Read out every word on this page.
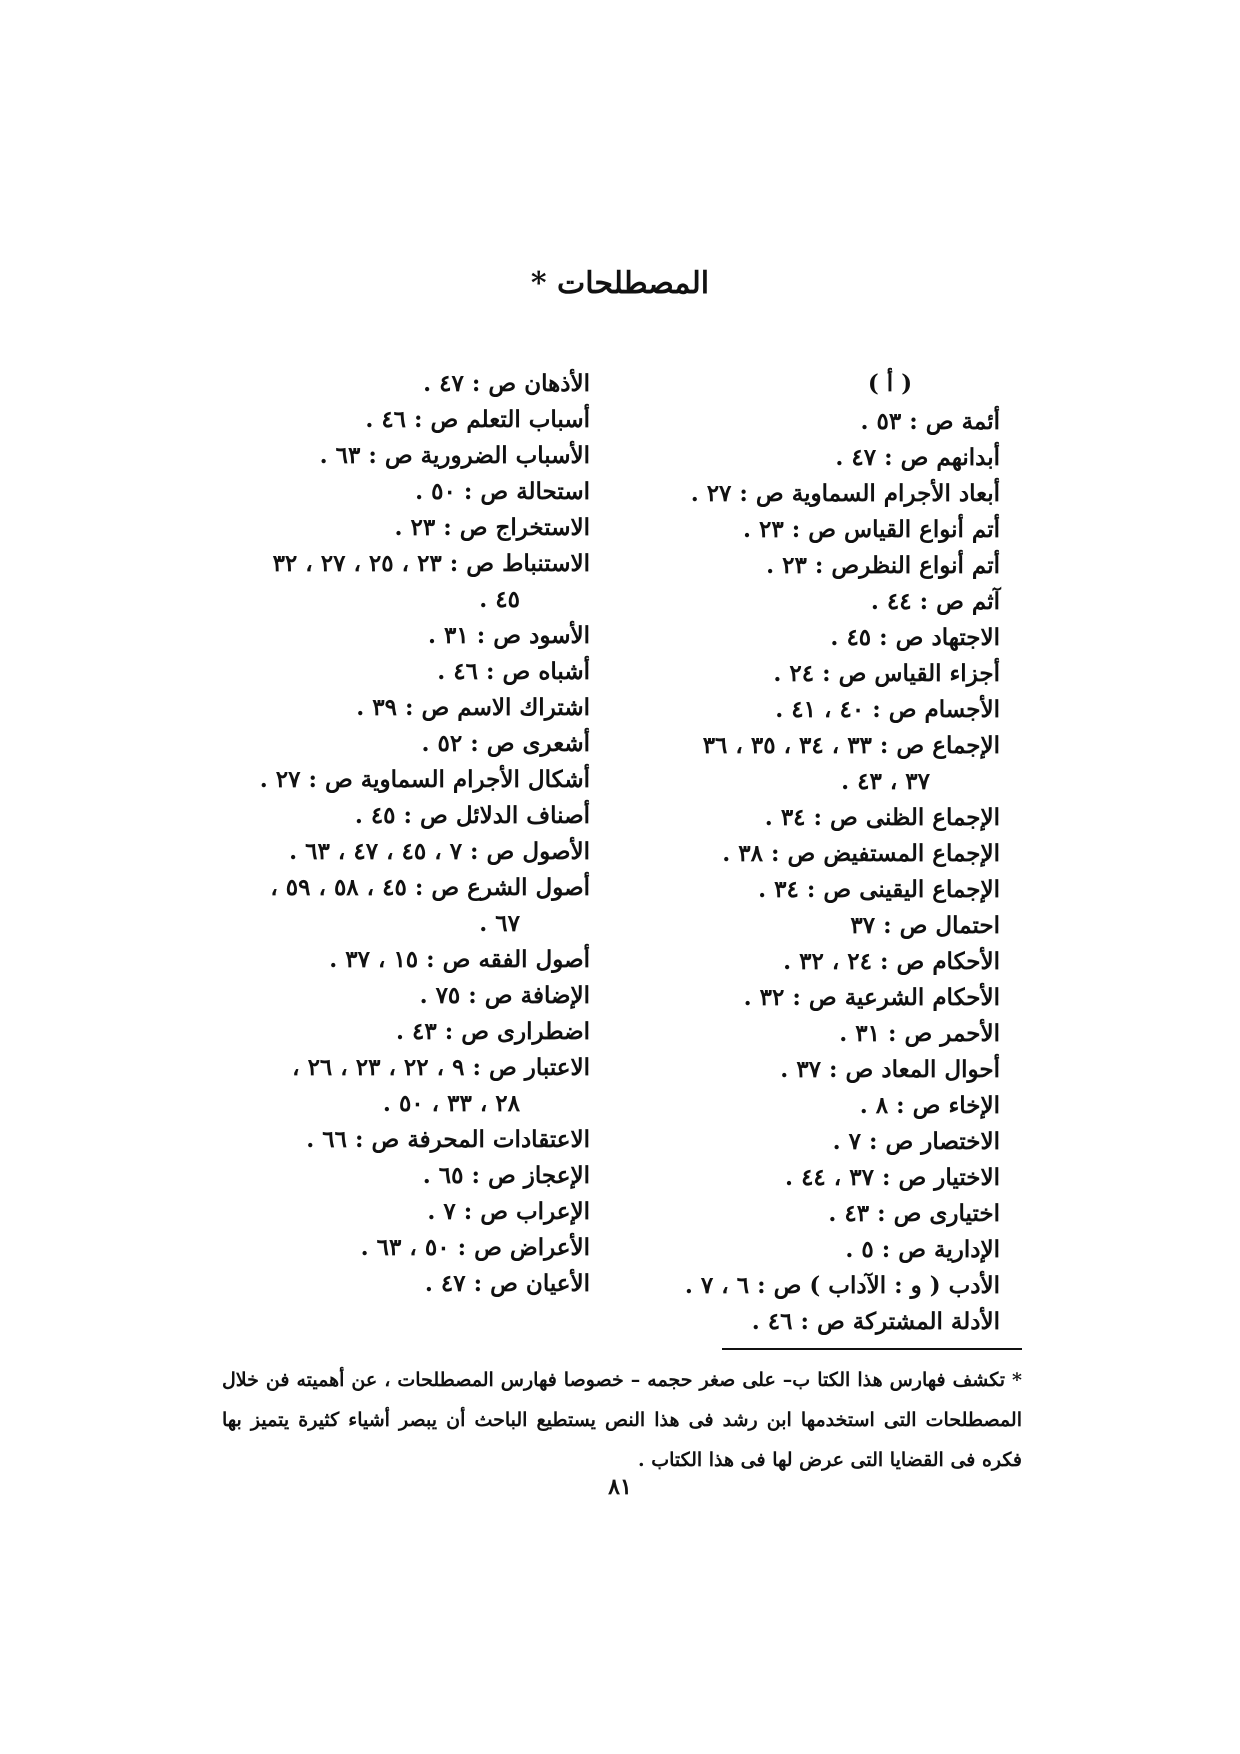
المصطلحات *
( أ )
أئمة ص : ٥٣ .
أبدانهم ص : ٤٧ .
أبعاد الأجرام السماوية ص : ٢٧ .
أتم أنواع القياس ص : ٢٣ .
أتم أنواع النظرص : ٢٣ .
آثم ص : ٤٤ .
الاجتهاد ص : ٤٥ .
أجزاء القياس ص : ٢٤ .
الأجسام ص : ٤٠ ، ٤١ .
الإجماع ص : ٣٣ ، ٣٤ ، ٣٥ ، ٣٦
٣٧ ، ٤٣ .
الإجماع الظنى ص : ٣٤ .
الإجماع المستفيض ص : ٣٨ .
الإجماع اليقينى ص : ٣٤ .
احتمال ص : ٣٧
الأحكام ص : ٢٤ ، ٣٢ .
الأحكام الشرعية ص : ٣٢ .
الأحمر ص : ٣١ .
أحوال المعاد ص : ٣٧ .
الإخاء ص : ٨ .
الاختصار ص : ٧ .
الاختيار ص : ٣٧ ، ٤٤ .
اختيارى ص : ٤٣ .
الإدارية ص : ٥ .
الأدب ( و : الآداب ) ص : ٦ ، ٧ .
الأدلة المشتركة ص : ٤٦ .
الأذهان ص : ٤٧ .
أسباب التعلم ص : ٤٦ .
الأسباب الضرورية ص : ٦٣ .
استحالة ص : ٥٠ .
الاستخراج ص : ٢٣ .
الاستنباط ص : ٢٣ ، ٢٥ ، ٢٧ ، ٣٢
٤٥ .
الأسود ص : ٣١ .
أشباه ص : ٤٦ .
اشتراك الاسم ص : ٣٩ .
أشعرى ص : ٥٢ .
أشكال الأجرام السماوية ص : ٢٧ .
أصناف الدلائل ص : ٤٥ .
الأصول ص : ٧ ، ٤٥ ، ٤٧ ، ٦٣ .
أصول الشرع ص : ٤٥ ، ٥٨ ، ٥٩ ،
٦٧ .
أصول الفقه ص : ١٥ ، ٣٧ .
الإضافة ص : ٧٥ .
اضطرارى ص : ٤٣ .
الاعتبار ص : ٩ ، ٢٢ ، ٢٣ ، ٢٦ ،
٢٨ ، ٣٣ ، ٥٠ .
الاعتقادات المحرفة ص : ٦٦ .
الإعجاز ص : ٦٥ .
الإعراب ص : ٧ .
الأعراض ص : ٥٠ ، ٦٣ .
الأعيان ص : ٤٧ .
* تكشف فهارس هذا الكتا ب– على صغر حجمه – خصوصا فهارس المصطلحات ، عن أهميته فن خلال المصطلحات التى استخدمها ابن رشد فى هذا النص يستطيع الباحث أن يبصر أشياء كثيرة يتميز بها فكره فى القضايا التى عرض لها فى هذا الكتاب .
٨١
